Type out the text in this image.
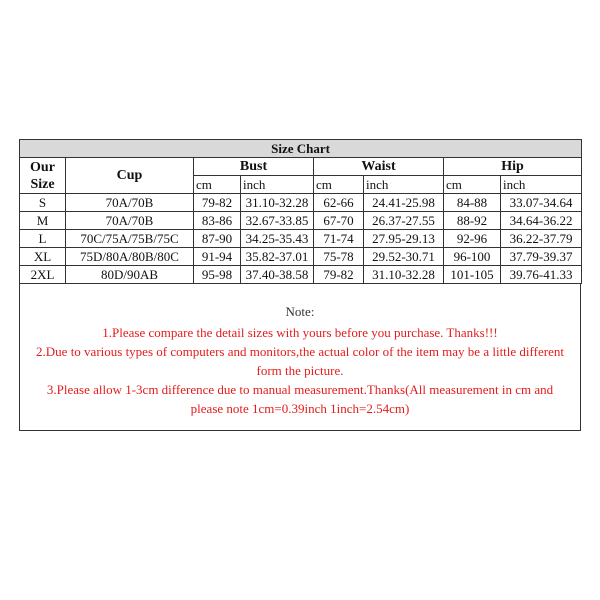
Size Chart							
Our
Size	Cup	Bust		Waist		Hip	
		cm	inch	cm	inch	cm	inch
S	70A/70B	79-82	31.10-32.28	62-66	24.41-25.98	84-88	33.07-34.64
M	70A/70B	83-86	32.67-33.85	67-70	26.37-27.55	88-92	34.64-36.22
L	70C/75A/75B/75C	87-90	34.25-35.43	71-74	27.95-29.13	92-96	36.22-37.79
XL	75D/80A/80B/80C	91-94	35.82-37.01	75-78	29.52-30.71	96-100	37.79-39.37
2XL	80D/90AB	95-98	37.40-38.58	79-82	31.10-32.28	101-105	39.76-41.33
Note:
1.Please compare the detail sizes with yours before you purchase. Thanks!!!
2.Due to various types of computers and monitors,the actual color of the item may be a little different form the picture.
3.Please allow 1-3cm difference due to manual measurement.Thanks(All measurement in cm and please note 1cm=0.39inch 1inch=2.54cm)
